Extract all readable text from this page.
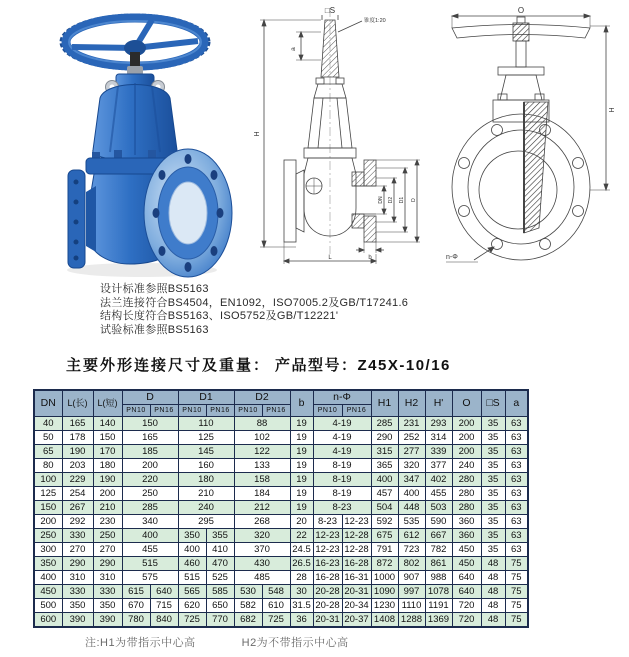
□S
锥度1:20
a
H
DN D2 D1 D
b
L
O
H
n-Φ
设计标准参照BS5163
法兰连接符合BS4504，EN1092，ISO7005.2及GB/T17241.6
结构长度符合BS5163、ISO5752及GB/T12221'
试验标准参照BS5163
主要外形连接尺寸及重量： 产品型号：Z45X-10/16
DN	L(长)	L(短)	D		D1		D2		b	n-Φ		H1	H2	H'	O	□S	a
			PN10	PN16	PN10	PN16	PN10	PN16		PN10	PN16						
40	165	140	150		110		88		19	4-19		285	231	293	200	35	63
50	178	150	165		125		102		19	4-19		290	252	314	200	35	63
65	190	170	185		145		122		19	4-19		315	277	339	200	35	63
80	203	180	200		160		133		19	8-19		365	320	377	240	35	63
100	229	190	220		180		158		19	8-19		400	347	402	280	35	63
125	254	200	250		210		184		19	8-19		457	400	455	280	35	63
150	267	210	285		240		212		19	8-23		504	448	503	280	35	63
200	292	230	340		295		268		20	8-23	12-23	592	535	590	360	35	63
250	330	250	400		350	355	320		22	12-23	12-28	675	612	667	360	35	63
300	270	270	455		400	410	370		24.5	12-23	12-28	791	723	782	450	35	63
350	290	290	515		460	470	430		26.5	16-23	16-28	872	802	861	450	48	75
400	310	310	575		515	525	485		28	16-28	16-31	1000	907	988	640	48	75
450	330	330	615	640	565	585	530	548	30	20-28	20-31	1090	997	1078	640	48	75
500	350	350	670	715	620	650	582	610	31.5	20-28	20-34	1230	1110	1191	720	48	75
600	390	390	780	840	725	770	682	725	36	20-31	20-37	1408	1288	1369	720	48	75
注:H1为带指示中心高	H2为不带指示中心高
